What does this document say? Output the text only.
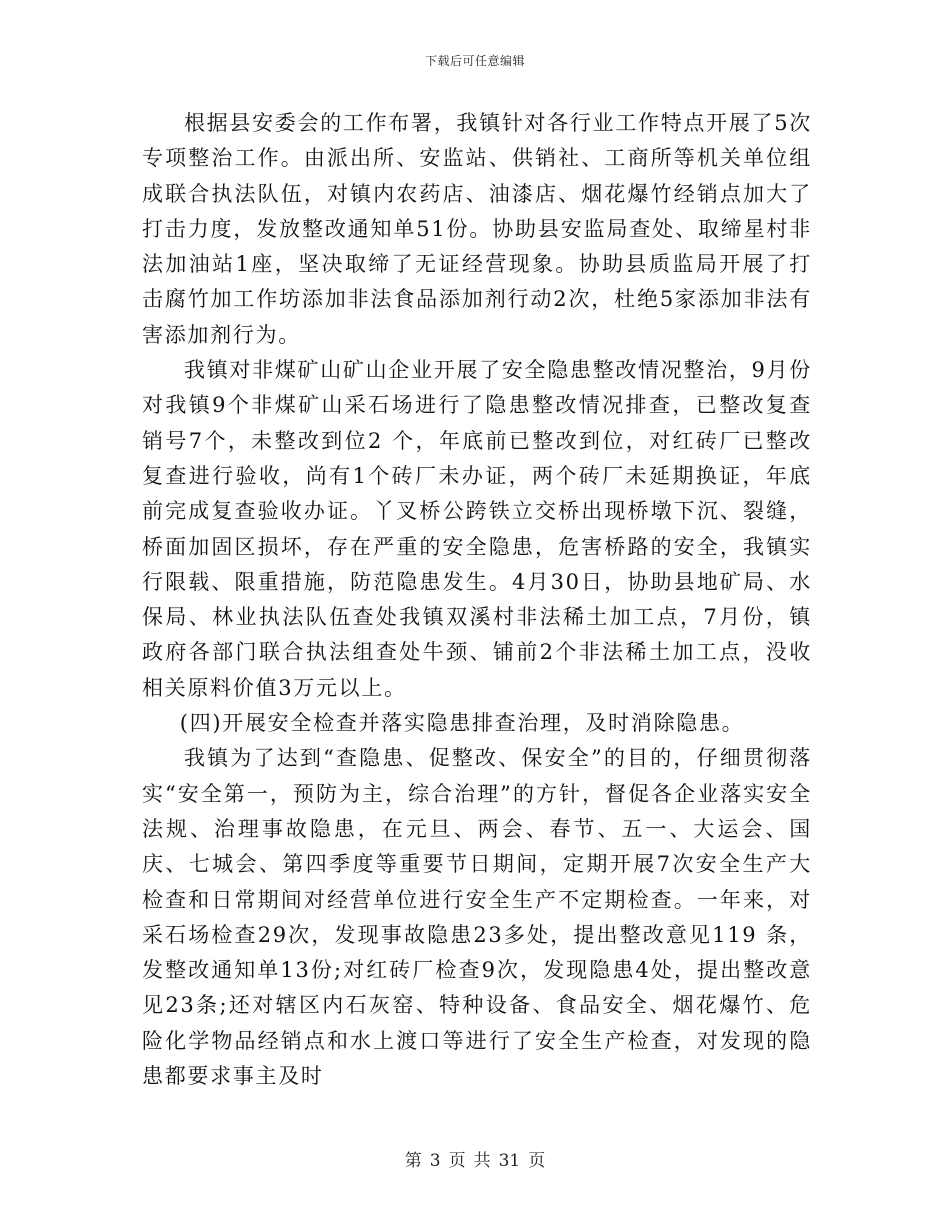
下载后可任意编辑

根据县安委会的工作布署，我镇针对各行业工作特点开展了5次专项整治工作。由派出所、安监站、供销社、工商所等机关单位组成联合执法队伍，对镇内农药店、油漆店、烟花爆竹经销点加大了打击力度，发放整改通知单51份。协助县安监局查处、取缔星村非法加油站1座，坚决取缔了无证经营现象。协助县质监局开展了打击腐竹加工作坊添加非法食品添加剂行动2次，杜绝5家添加非法有害添加剂行为。

我镇对非煤矿山矿山企业开展了安全隐患整改情况整治，9月份对我镇9个非煤矿山采石场进行了隐患整改情况排查，已整改复查销号7个，未整改到位2 个，年底前已整改到位，对红砖厂已整改复查进行验收，尚有1个砖厂未办证，两个砖厂未延期换证，年底前完成复查验收办证。丫叉桥公跨铁立交桥出现桥墩下沉、裂缝，桥面加固区损坏，存在严重的安全隐患，危害桥路的安全，我镇实行限载、限重措施，防范隐患发生。4月30日，协助县地矿局、水保局、林业执法队伍查处我镇双溪村非法稀土加工点，7月份，镇政府各部门联合执法组查处牛颈、铺前2个非法稀土加工点，没收相关原料价值3万元以上。

(四)开展安全检查并落实隐患排查治理，及时消除隐患。

我镇为了达到“查隐患、促整改、保安全”的目的，仔细贯彻落实“安全第一，预防为主，综合治理”的方针，督促各企业落实安全法规、治理事故隐患，在元旦、两会、春节、五一、大运会、国庆、七城会、第四季度等重要节日期间，定期开展7次安全生产大检查和日常期间对经营单位进行安全生产不定期检查。一年来，对采石场检查29次，发现事故隐患23多处，提出整改意见119 条，发整改通知单13份;对红砖厂检查9次，发现隐患4处，提出整改意见23条;还对辖区内石灰窑、特种设备、食品安全、烟花爆竹、危险化学物品经销点和水上渡口等进行了安全生产检查，对发现的隐患都要求事主及时

第 3 页 共 31 页
